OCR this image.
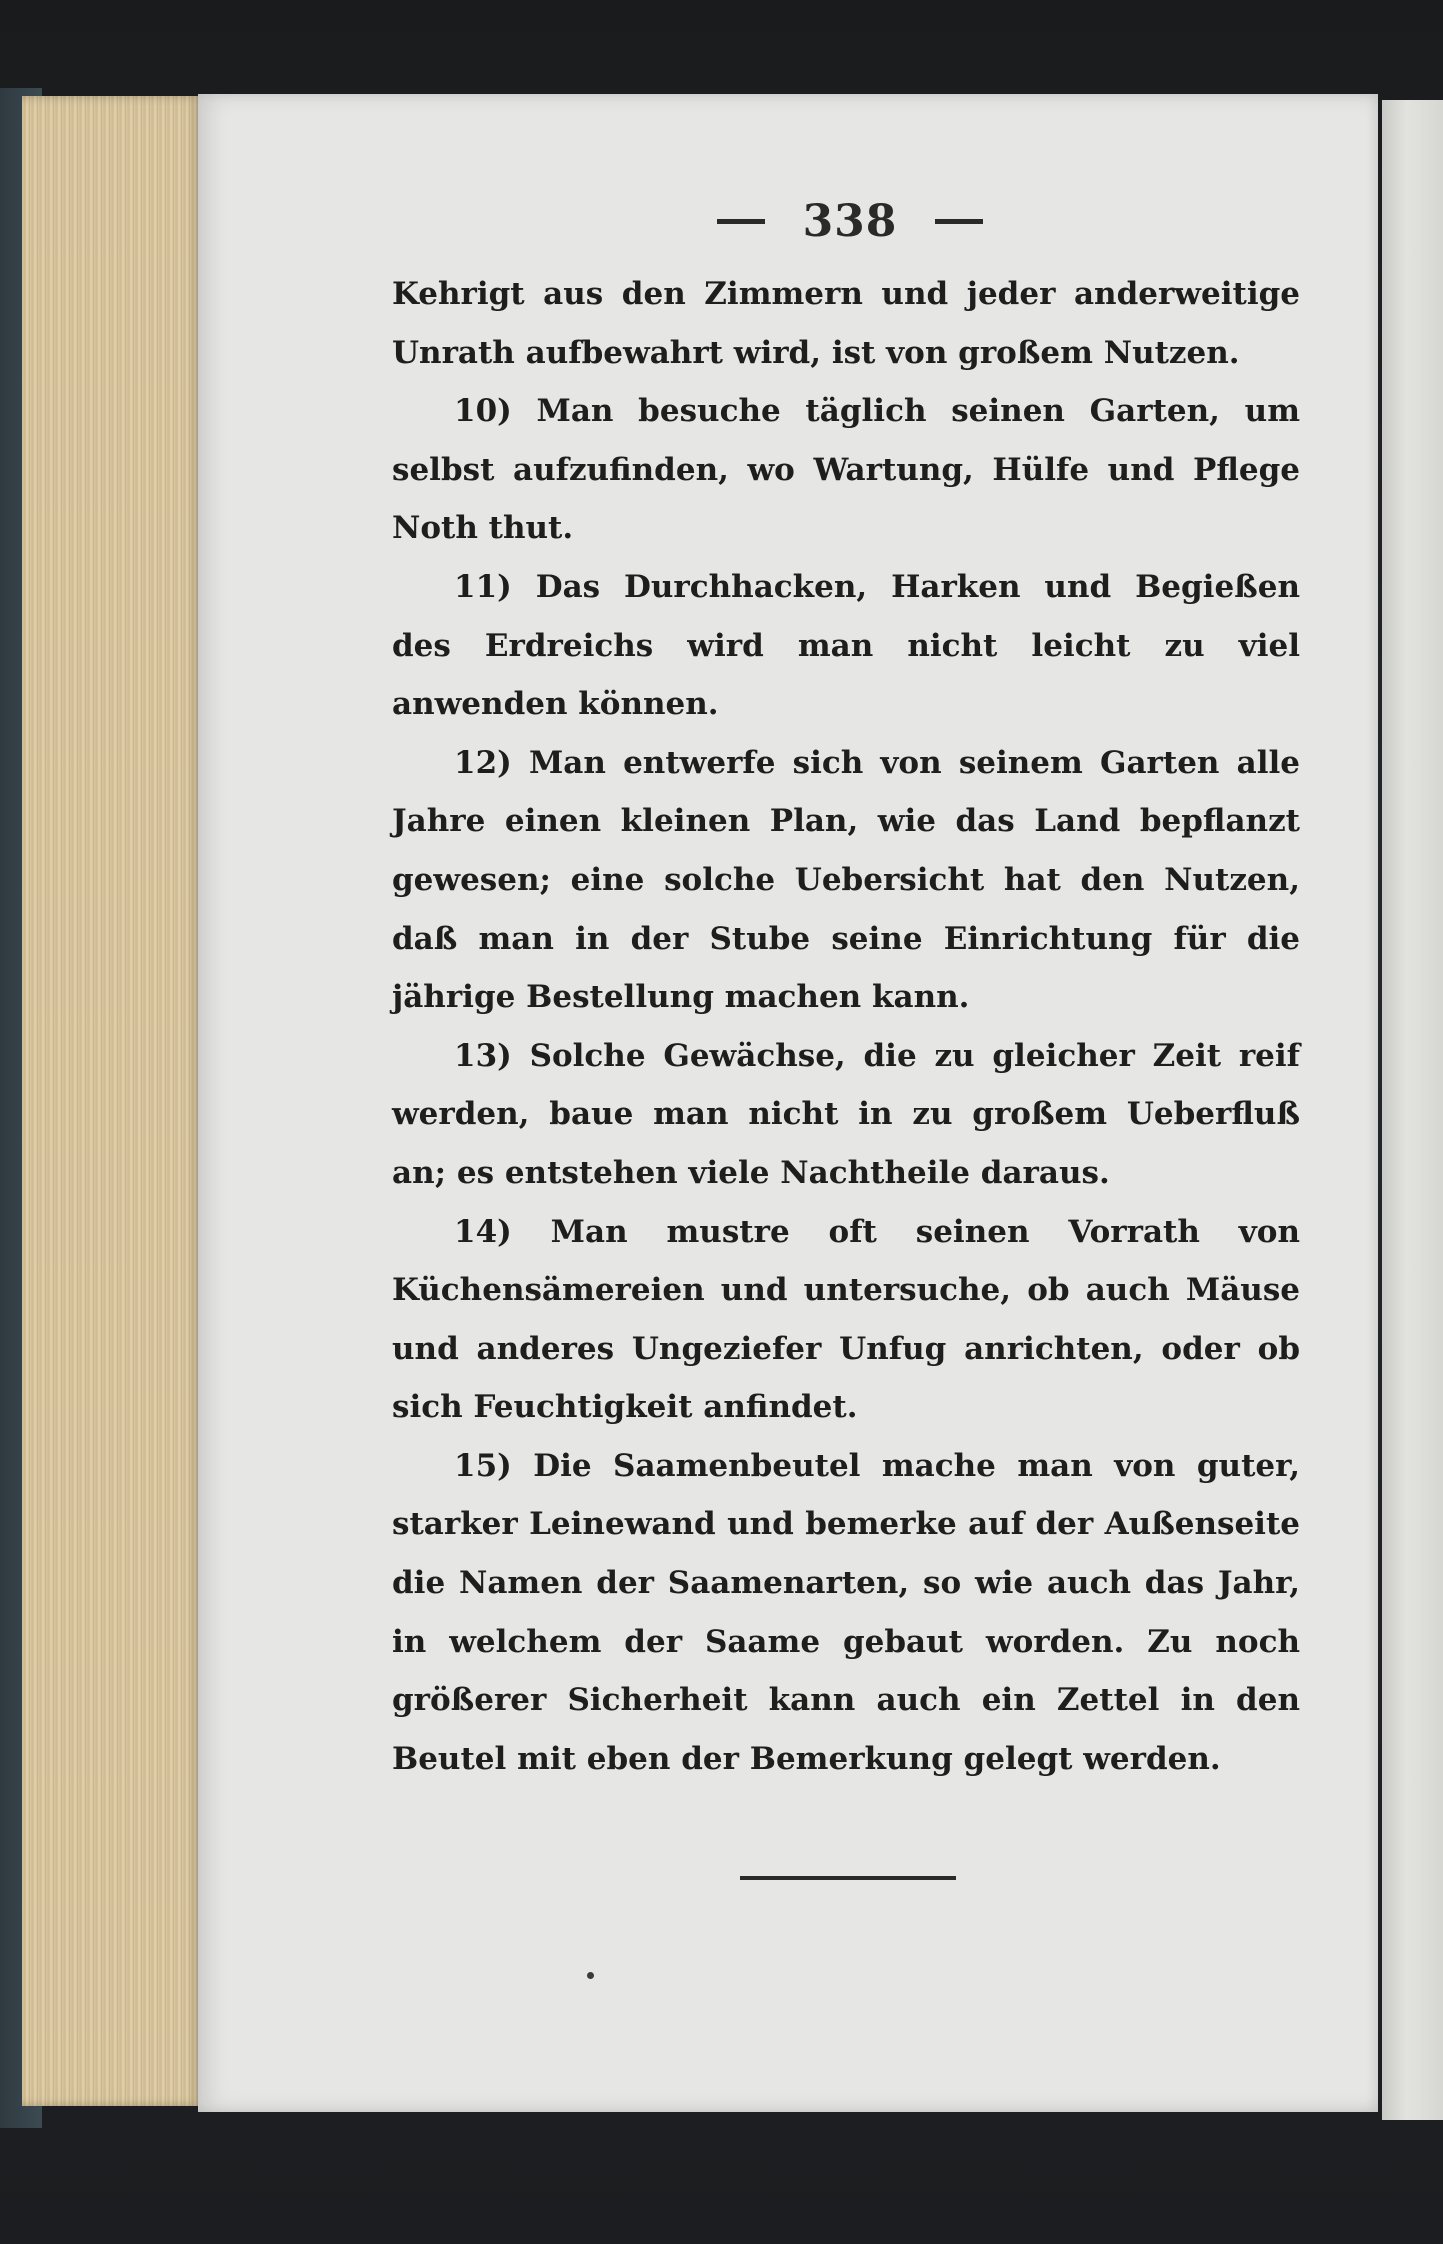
338

Kehrigt aus den Zimmern und jeder anderweitige Unrath aufbewahrt wird, ist von großem Nutzen.

10) Man besuche täglich seinen Garten, um selbst aufzufinden, wo Wartung, Hülfe und Pflege Noth thut.

11) Das Durchhacken, Harken und Begießen des Erdreichs wird man nicht leicht zu viel anwenden können.

12) Man entwerfe sich von seinem Garten alle Jahre einen kleinen Plan, wie das Land bepflanzt gewesen; eine solche Uebersicht hat den Nutzen, daß man in der Stube seine Einrichtung für die jährige Bestellung machen kann.

13) Solche Gewächse, die zu gleicher Zeit reif werden, baue man nicht in zu großem Ueberfluß an; es entstehen viele Nachtheile daraus.

14) Man mustre oft seinen Vorrath von Küchensämereien und untersuche, ob auch Mäuse und anderes Ungeziefer Unfug anrichten, oder ob sich Feuchtigkeit anfindet.

15) Die Saamenbeutel mache man von guter, starker Leinewand und bemerke auf der Außenseite die Namen der Saamenarten, so wie auch das Jahr, in welchem der Saame gebaut worden. Zu noch größerer Sicherheit kann auch ein Zettel in den Beutel mit eben der Bemerkung gelegt werden.
